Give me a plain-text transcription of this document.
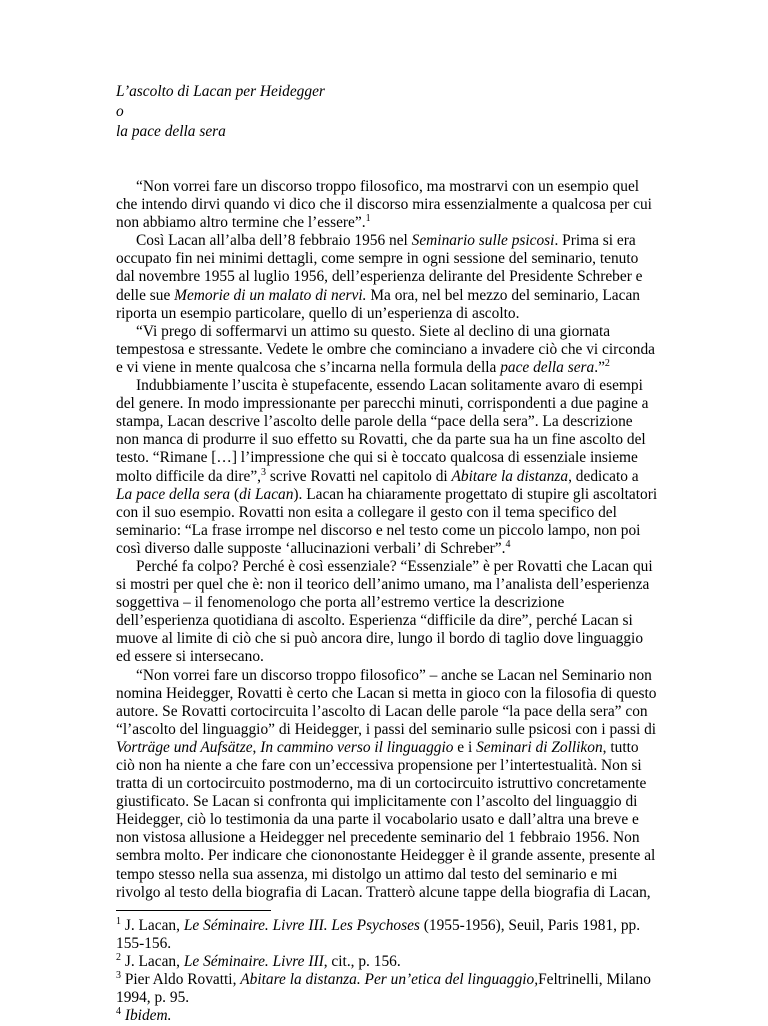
L’ascolto di Lacan per Heidegger
o
la pace della sera

“Non vorrei fare un discorso troppo filosofico, ma mostrarvi con un esempio quel che intendo dirvi quando vi dico che il discorso mira essenzialmente a qualcosa per cui non abbiamo altro termine che l’essere”.$^1$

Così Lacan all’alba dell’8 febbraio 1956 nel Seminario sulle psicosi. Prima si era occupato fin nei minimi dettagli, come sempre in ogni sessione del seminario, tenuto dal novembre 1955 al luglio 1956, dell’esperienza delirante del Presidente Schreber e delle sue Memorie di un malato di nervi. Ma ora, nel bel mezzo del seminario, Lacan riporta un esempio particolare, quello di un’esperienza di ascolto.

“Vi prego di soffermarvi un attimo su questo. Siete al declino di una giornata tempestosa e stressante. Vedete le ombre che cominciano a invadere ciò che vi circonda e vi viene in mente qualcosa che s’incarna nella formula della pace della sera.”$^2$

Indubbiamente l’uscita è stupefacente, essendo Lacan solitamente avaro di esempi del genere. In modo impressionante per parecchi minuti, corrispondenti a due pagine a stampa, Lacan descrive l’ascolto delle parole della “pace della sera”. La descrizione non manca di produrre il suo effetto su Rovatti, che da parte sua ha un fine ascolto del testo. “Rimane […] l’impressione che qui si è toccato qualcosa di essenziale insieme molto difficile da dire”,$^3$ scrive Rovatti nel capitolo di Abitare la distanza, dedicato a La pace della sera (di Lacan). Lacan ha chiaramente progettato di stupire gli ascoltatori con il suo esempio. Rovatti non esita a collegare il gesto con il tema specifico del seminario: “La frase irrompe nel discorso e nel testo come un piccolo lampo, non poi così diverso dalle supposte ‘allucinazioni verbali’ di Schreber”.$^4$

Perché fa colpo? Perché è così essenziale? “Essenziale” è per Rovatti che Lacan qui si mostri per quel che è: non il teorico dell’animo umano, ma l’analista dell’esperienza soggettiva – il fenomenologo che porta all’estremo vertice la descrizione dell’esperienza quotidiana di ascolto. Esperienza “difficile da dire”, perché Lacan si muove al limite di ciò che si può ancora dire, lungo il bordo di taglio dove linguaggio ed essere si intersecano.

“Non vorrei fare un discorso troppo filosofico” – anche se Lacan nel Seminario non nomina Heidegger, Rovatti è certo che Lacan si metta in gioco con la filosofia di questo autore. Se Rovatti cortocircuita l’ascolto di Lacan delle parole “la pace della sera” con “l’ascolto del linguaggio” di Heidegger, i passi del seminario sulle psicosi con i passi di Vorträge und Aufsätze, In cammino verso il linguaggio e i Seminari di Zollikon, tutto ciò non ha niente a che fare con un’eccessiva propensione per l’intertestualità. Non si tratta di un cortocircuito postmoderno, ma di un cortocircuito istruttivo concretamente giustificato. Se Lacan si confronta qui implicitamente con l’ascolto del linguaggio di Heidegger, ciò lo testimonia da una parte il vocabolario usato e dall’altra una breve e non vistosa allusione a Heidegger nel precedente seminario del 1 febbraio 1956. Non sembra molto. Per indicare che ciononostante Heidegger è il grande assente, presente al tempo stesso nella sua assenza, mi distolgo un attimo dal testo del seminario e mi rivolgo al testo della biografia di Lacan. Tratterò alcune tappe della biografia di Lacan,

$^1$ J. Lacan, Le Séminaire. Livre III. Les Psychoses (1955-1956), Seuil, Paris 1981, pp. 155-156.

$^2$ J. Lacan, Le Séminaire. Livre III, cit., p. 156.

$^3$ Pier Aldo Rovatti, Abitare la distanza. Per un’etica del linguaggio,Feltrinelli, Milano 1994, p. 95.

$^4$ Ibidem.
